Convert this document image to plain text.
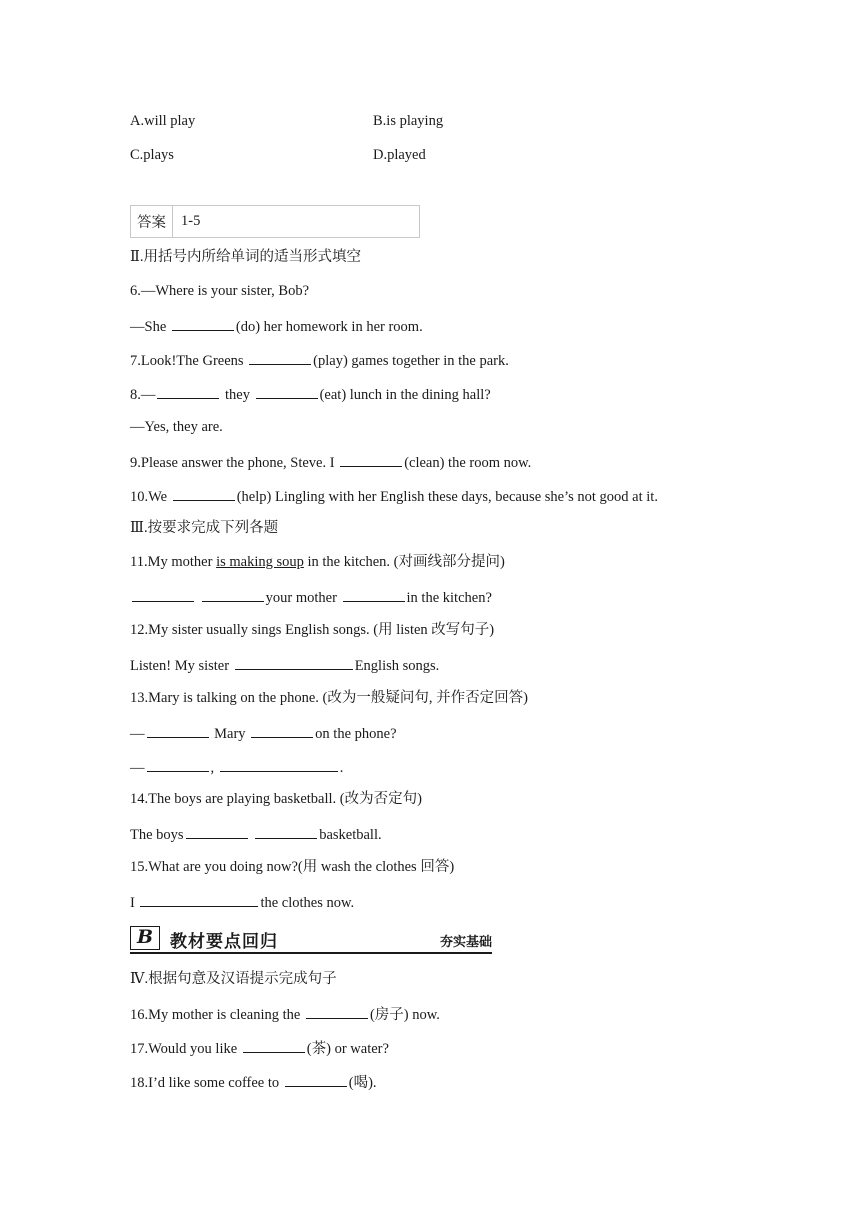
A.will play	B.is playing
C.plays	D.played
答案	1-5
Ⅱ.用括号内所给单词的适当形式填空
6.—Where is your sister, Bob?
—She	(do) her homework in her room.
7.Look!The Greens	(play) games together in the park.
8.—	they	(eat) lunch in the dining hall?
—Yes, they are.
9.Please answer the phone, Steve. I	(clean) the room now.
10.We	(help) Lingling with her English these days, because she’s not good at it.
Ⅲ.按要求完成下列各题
11.My mother is making soup in the kitchen. (对画线部分提问)
your mother	in the kitchen?
12.My sister usually sings English songs. (用 listen 改写句子)
Listen! My sister	English songs.
13.Mary is talking on the phone. (改为一般疑问句, 并作否定回答)
—	Mary	on the phone?
—	,	.
14.The boys are playing basketball. (改为否定句)
The boys	basketball.
15.What are you doing now?(用 wash the clothes 回答)
I	the clothes now.
B 教材要点回归	夯实基础
Ⅳ.根据句意及汉语提示完成句子
16.My mother is cleaning the	(房子) now.
17.Would you like	(茶) or water?
18.I’d like some coffee to	(喝).
